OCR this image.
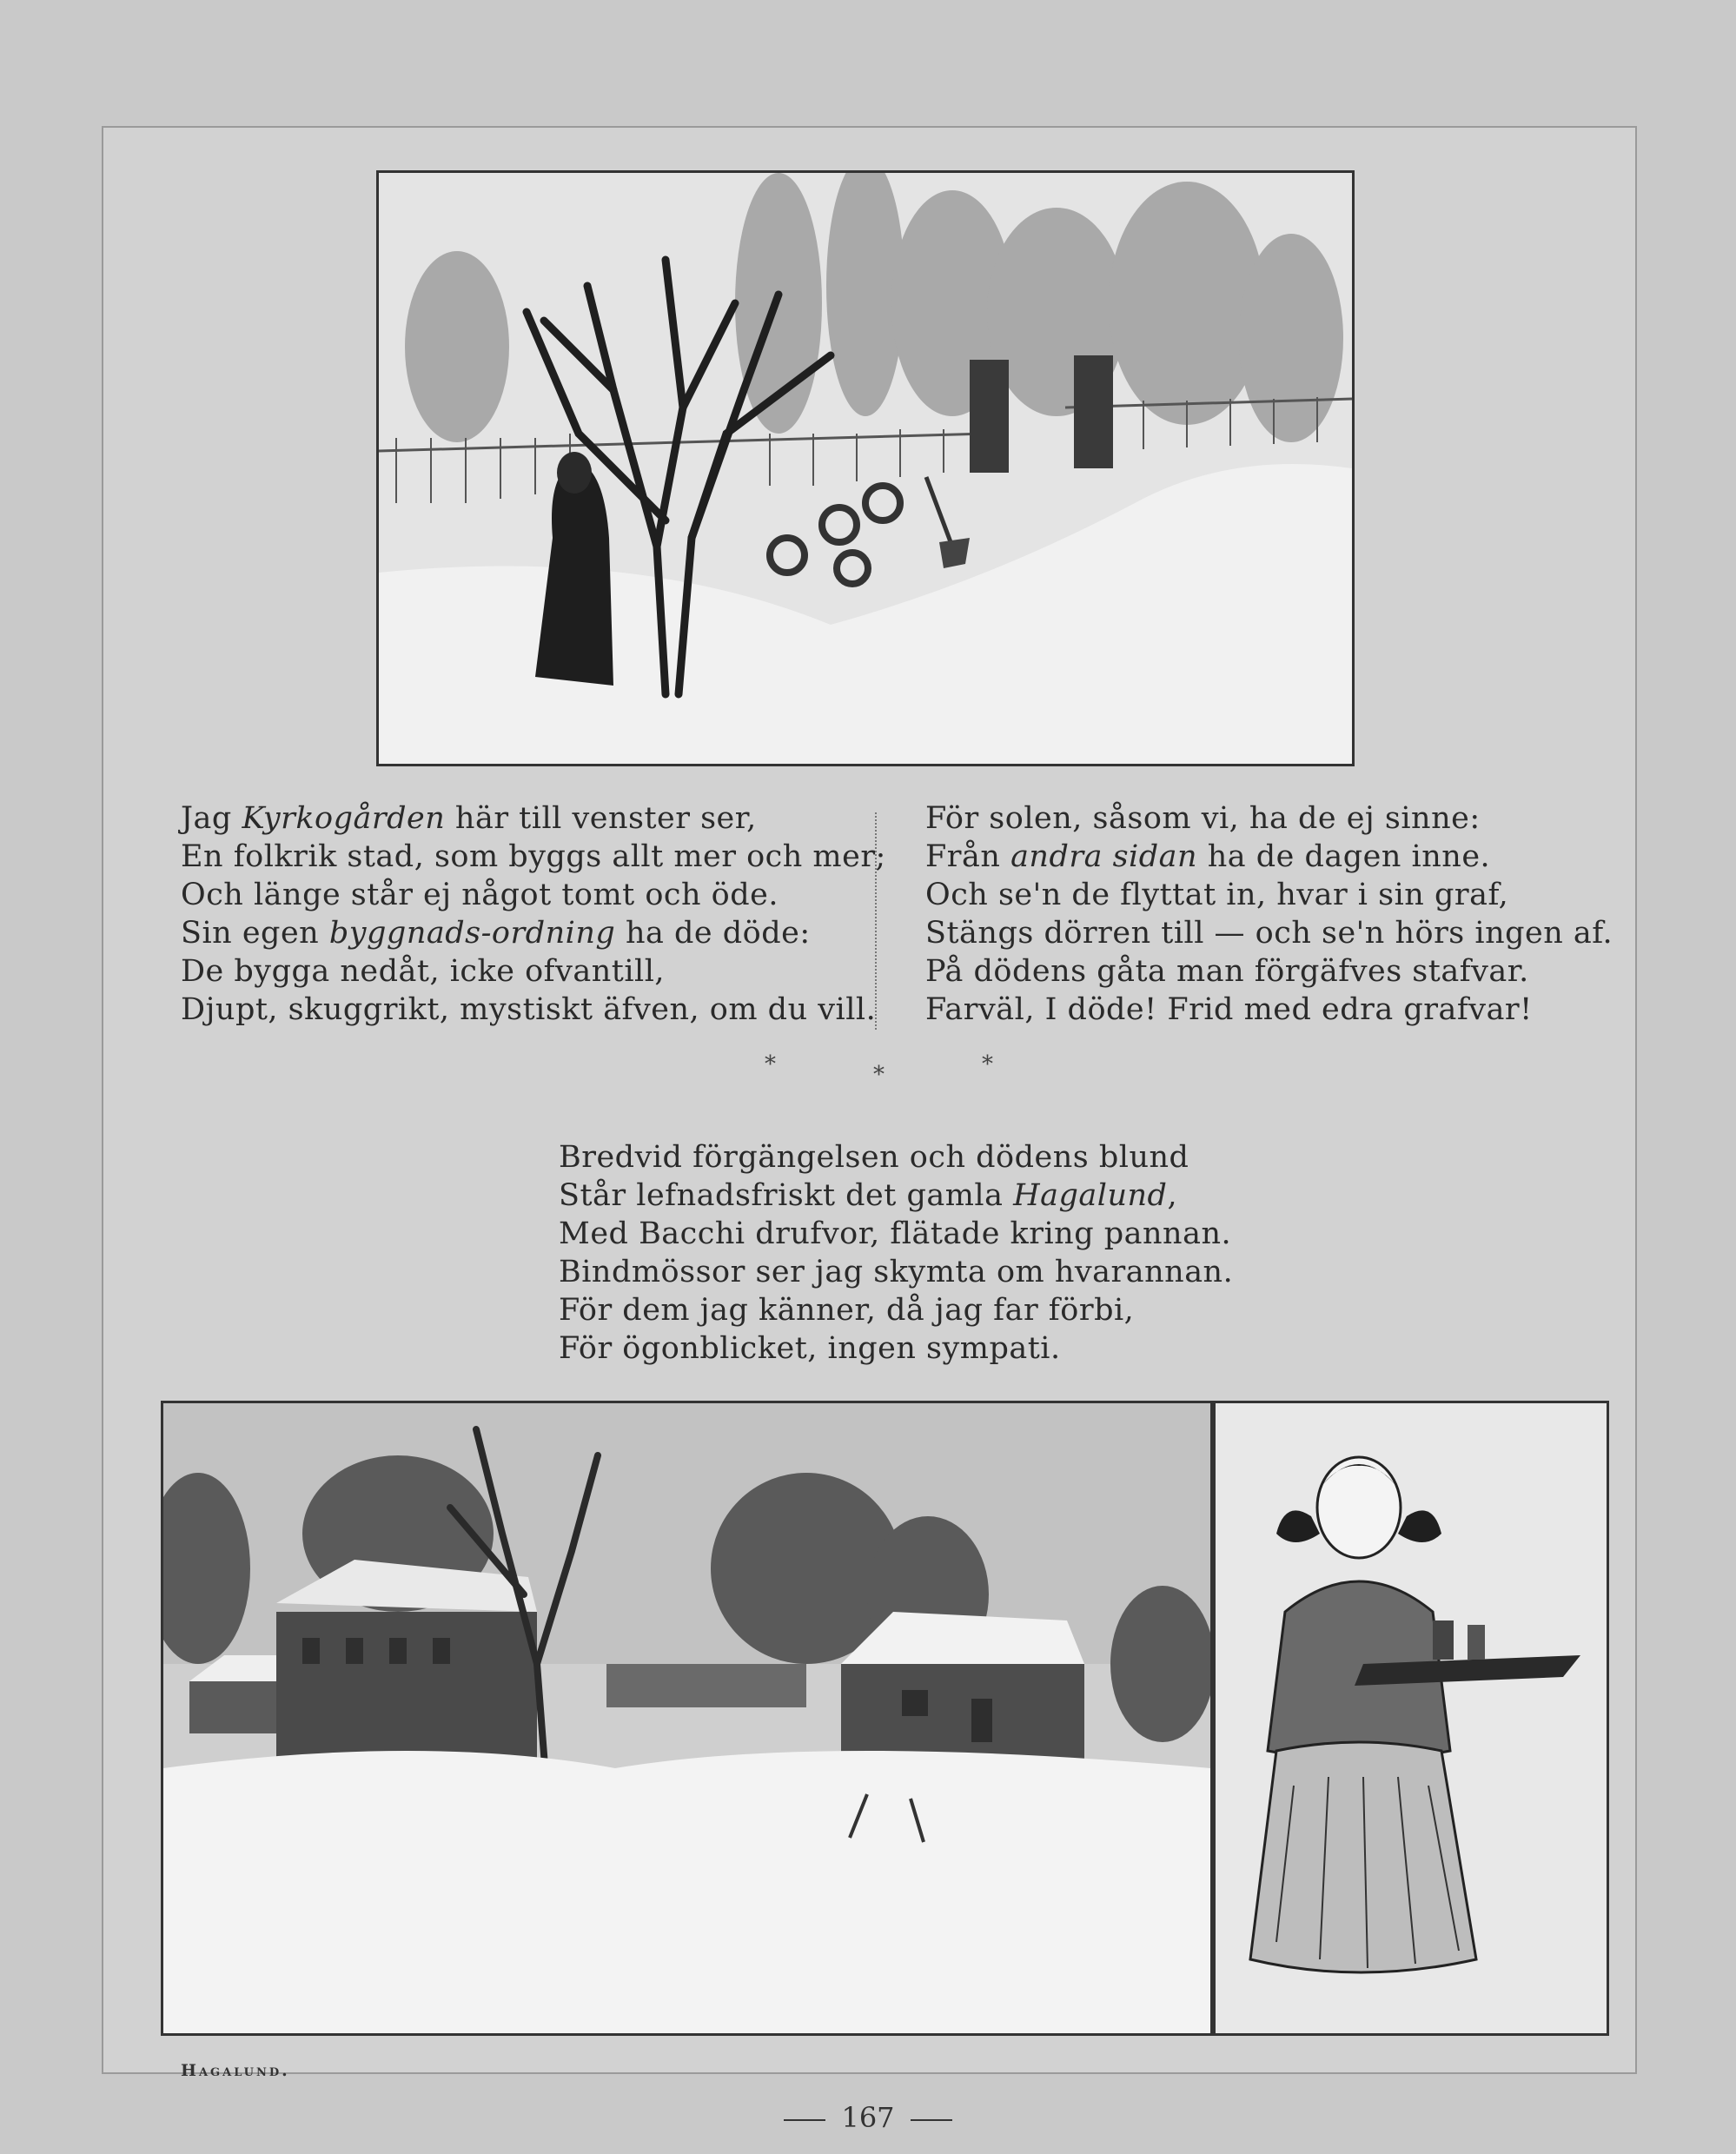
Jag Kyrkogården här till venster ser,
En folkrik stad, som byggs allt mer och mer;
Och länge står ej något tomt och öde.
Sin egen byggnads-ordning ha de döde:
De bygga nedåt, icke ofvantill,
Djupt, skuggrikt, mystiskt äfven, om du vill.
För solen, såsom vi, ha de ej sinne:
Från andra sidan ha de dagen inne.
Och se'n de flyttat in, hvar i sin graf,
Stängs dörren till — och se'n hörs ingen af.
På dödens gåta man förgäfves stafvar.
Farväl, I döde! Frid med edra grafvar!
*	*	*
Bredvid förgängelsen och dödens blund
Står lefnadsfriskt det gamla Hagalund,
Med Bacchi drufvor, flätade kring pannan.
Bindmössor ser jag skymta om hvarannan.
För dem jag känner, då jag far förbi,
För ögonblicket, ingen sympati.
Hagalund.
167
